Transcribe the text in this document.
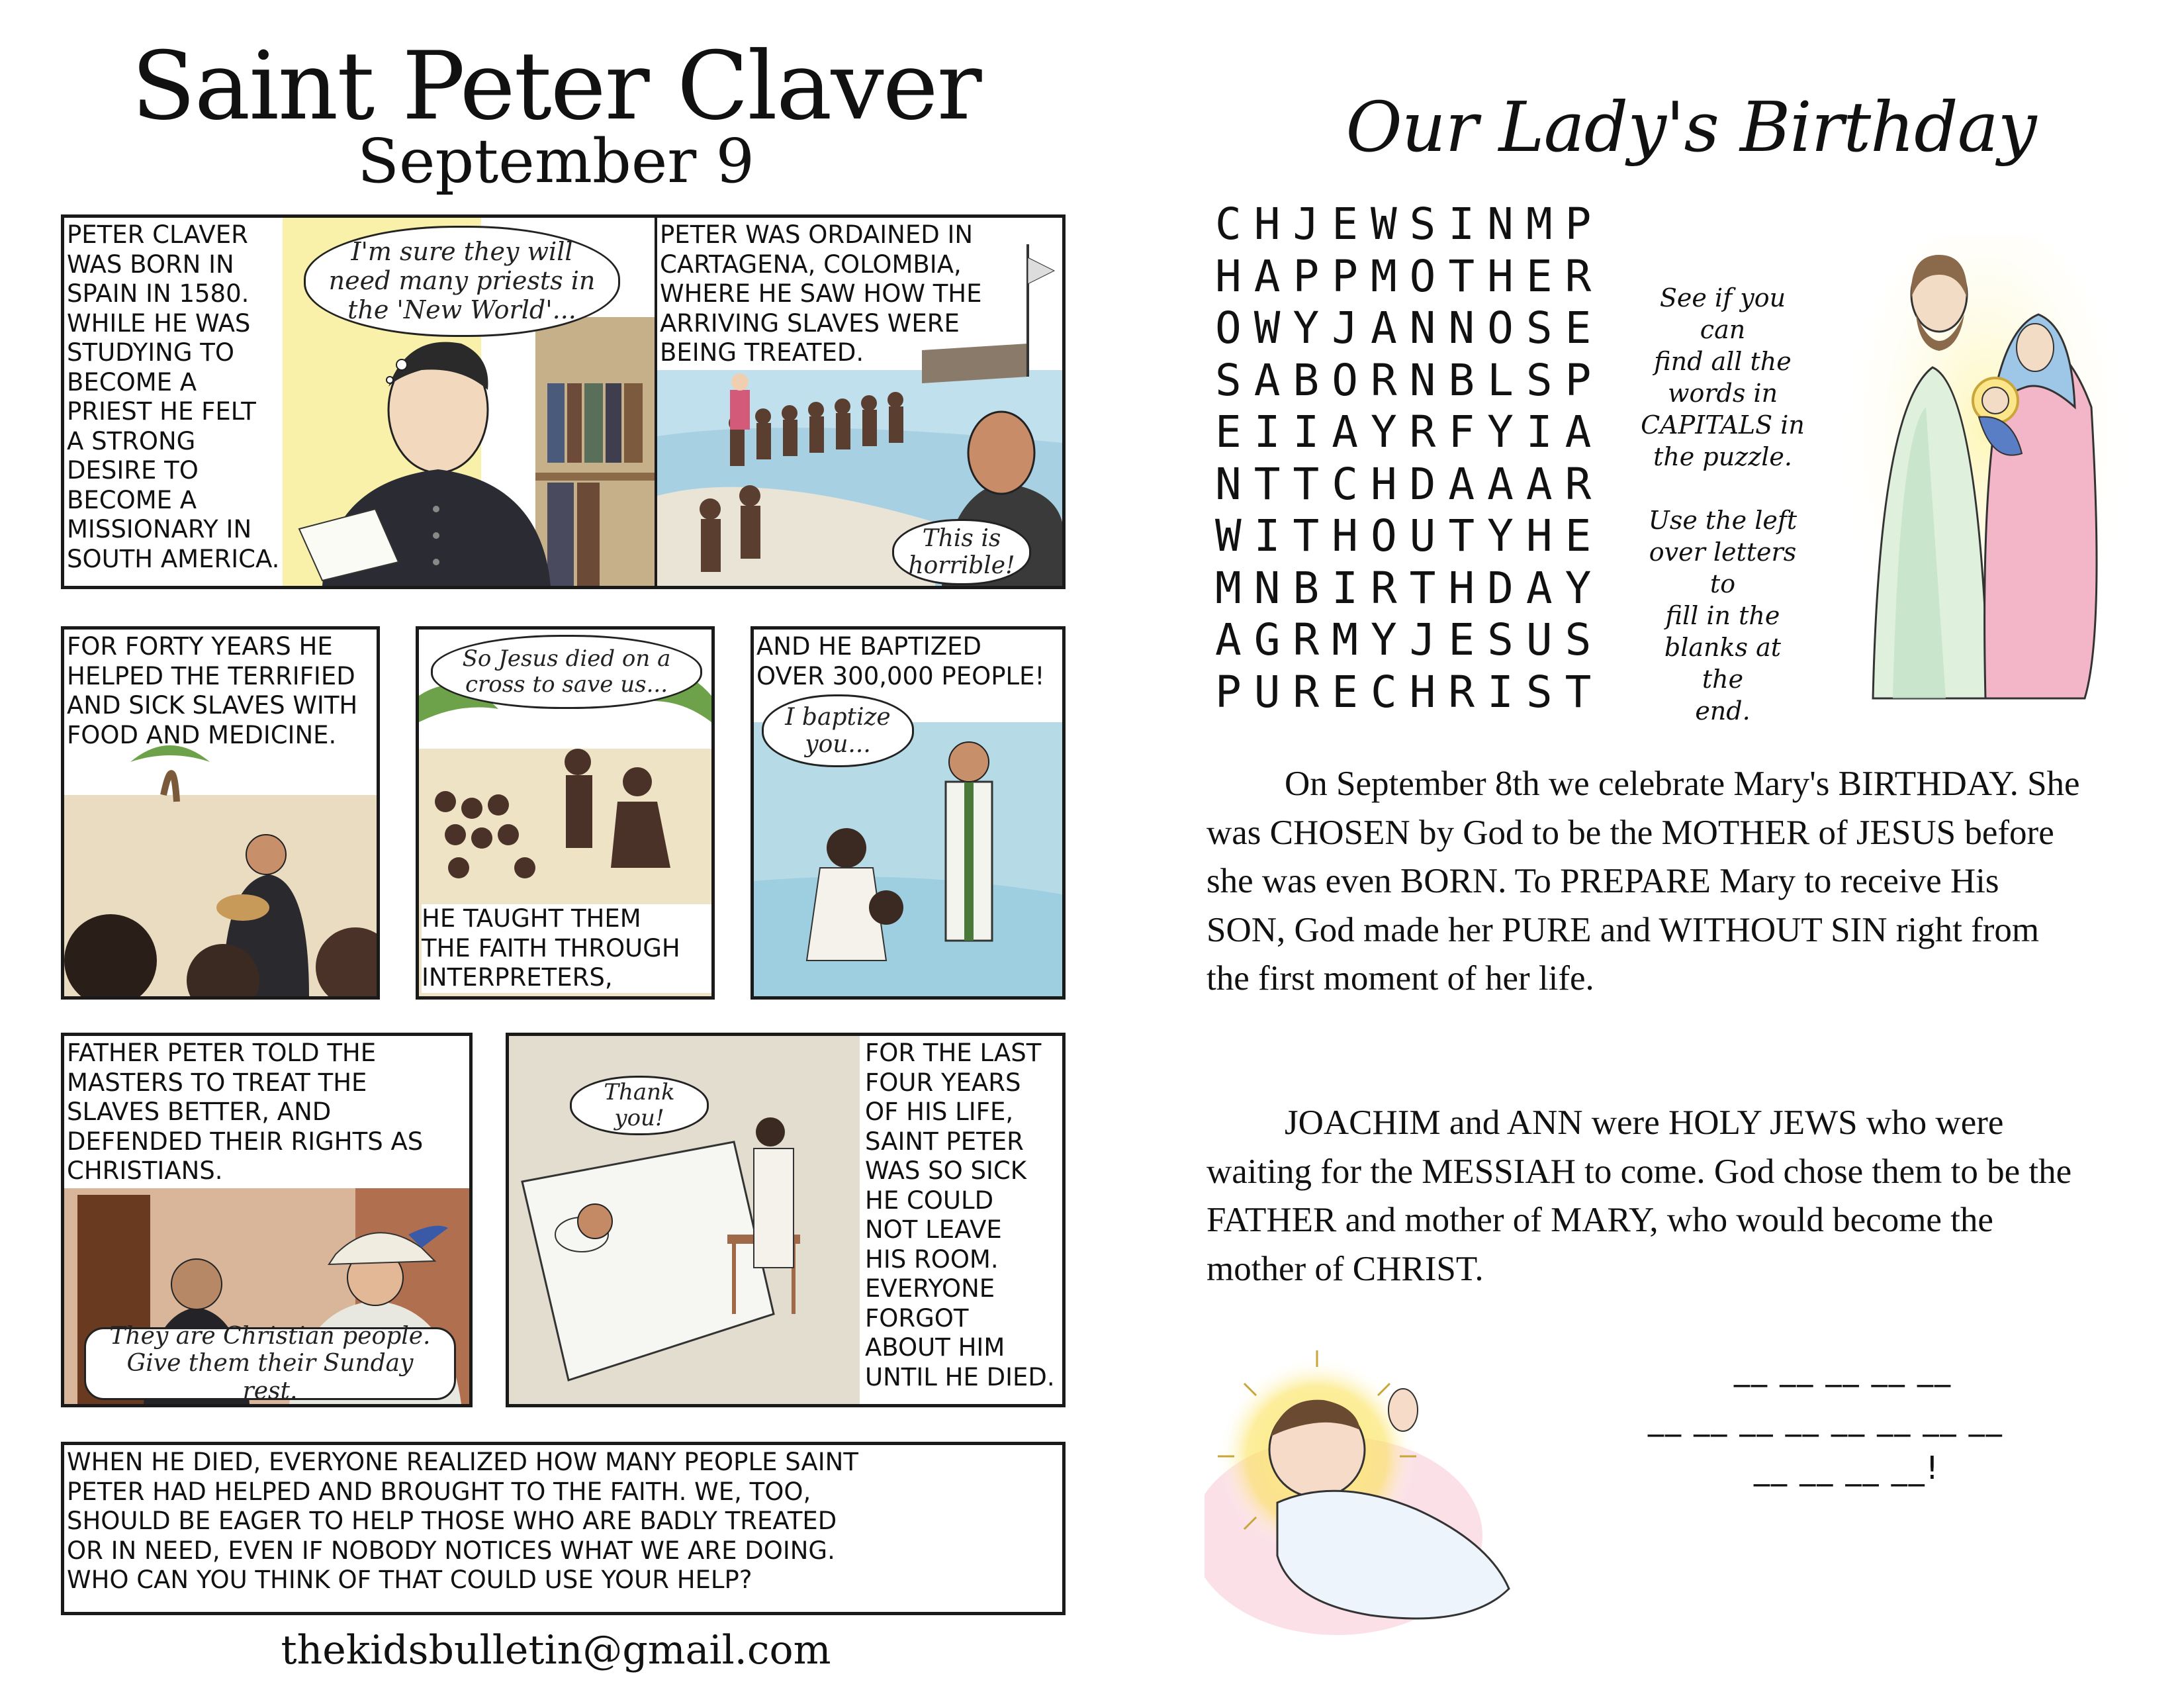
Saint Peter Claver
September 9
PETER CLAVER
WAS BORN IN
SPAIN IN 1580.
WHILE HE WAS
STUDYING TO
BECOME A
PRIEST HE FELT
A STRONG
DESIRE TO
BECOME A
MISSIONARY IN
SOUTH AMERICA.
I'm sure they will need many priests in the 'New World'...
PETER WAS ORDAINED IN
CARTAGENA, COLOMBIA,
WHERE HE SAW HOW THE
ARRIVING SLAVES WERE
BEING TREATED.
This is horrible!
FOR FORTY YEARS HE
HELPED THE TERRIFIED
AND SICK SLAVES WITH
FOOD AND MEDICINE.
So Jesus died on a cross to save us...
HE TAUGHT THEM
THE FAITH THROUGH
INTERPRETERS,
AND HE BAPTIZED
OVER 300,000 PEOPLE!
I baptize you...
FATHER PETER TOLD THE
MASTERS TO TREAT THE
SLAVES BETTER, AND
DEFENDED THEIR RIGHTS AS
CHRISTIANS.
They are Christian people. Give them their Sunday rest.
Thank you!
FOR THE LAST
FOUR YEARS
OF HIS LIFE,
SAINT PETER
WAS SO SICK
HE COULD
NOT LEAVE
HIS ROOM.
EVERYONE
FORGOT
ABOUT HIM
UNTIL HE DIED.
WHEN HE DIED, EVERYONE REALIZED HOW MANY PEOPLE SAINT
PETER HAD HELPED AND BROUGHT TO THE FAITH. WE, TOO,
SHOULD BE EAGER TO HELP THOSE WHO ARE BADLY TREATED
OR IN NEED, EVEN IF NOBODY NOTICES WHAT WE ARE DOING.
WHO CAN YOU THINK OF THAT COULD USE YOUR HELP?
thekidsbulletin@gmail.com
Our Lady's Birthday
CHJEWSINMP
HAPPMOTHER
OWYJANNOSE
SABORNBLSP
EIIAYRFYIA
NTTCHDAAAR
WITHOUTYHE
MNBIRTHDAY
AGRMYJESUS
PURECHRIST
See if you can
find all the
words in
CAPITALS in
the puzzle.

Use the left
over letters to
fill in the
blanks at the
end.
On September 8th we celebrate Mary's BIRTHDAY. She was CHOSEN by God to be the MOTHER of JESUS before she was even BORN. To PREPARE Mary to receive His SON, God made her PURE and WITHOUT SIN right from the first moment of her life.
JOACHIM and ANN were HOLY JEWS who were waiting for the MESSIAH to come. God chose them to be the FATHER and mother of MARY, who would become the mother of CHRIST.
__ __ __ __ __
__ __ __ __ __ __ __ __
__ __ __ __!
